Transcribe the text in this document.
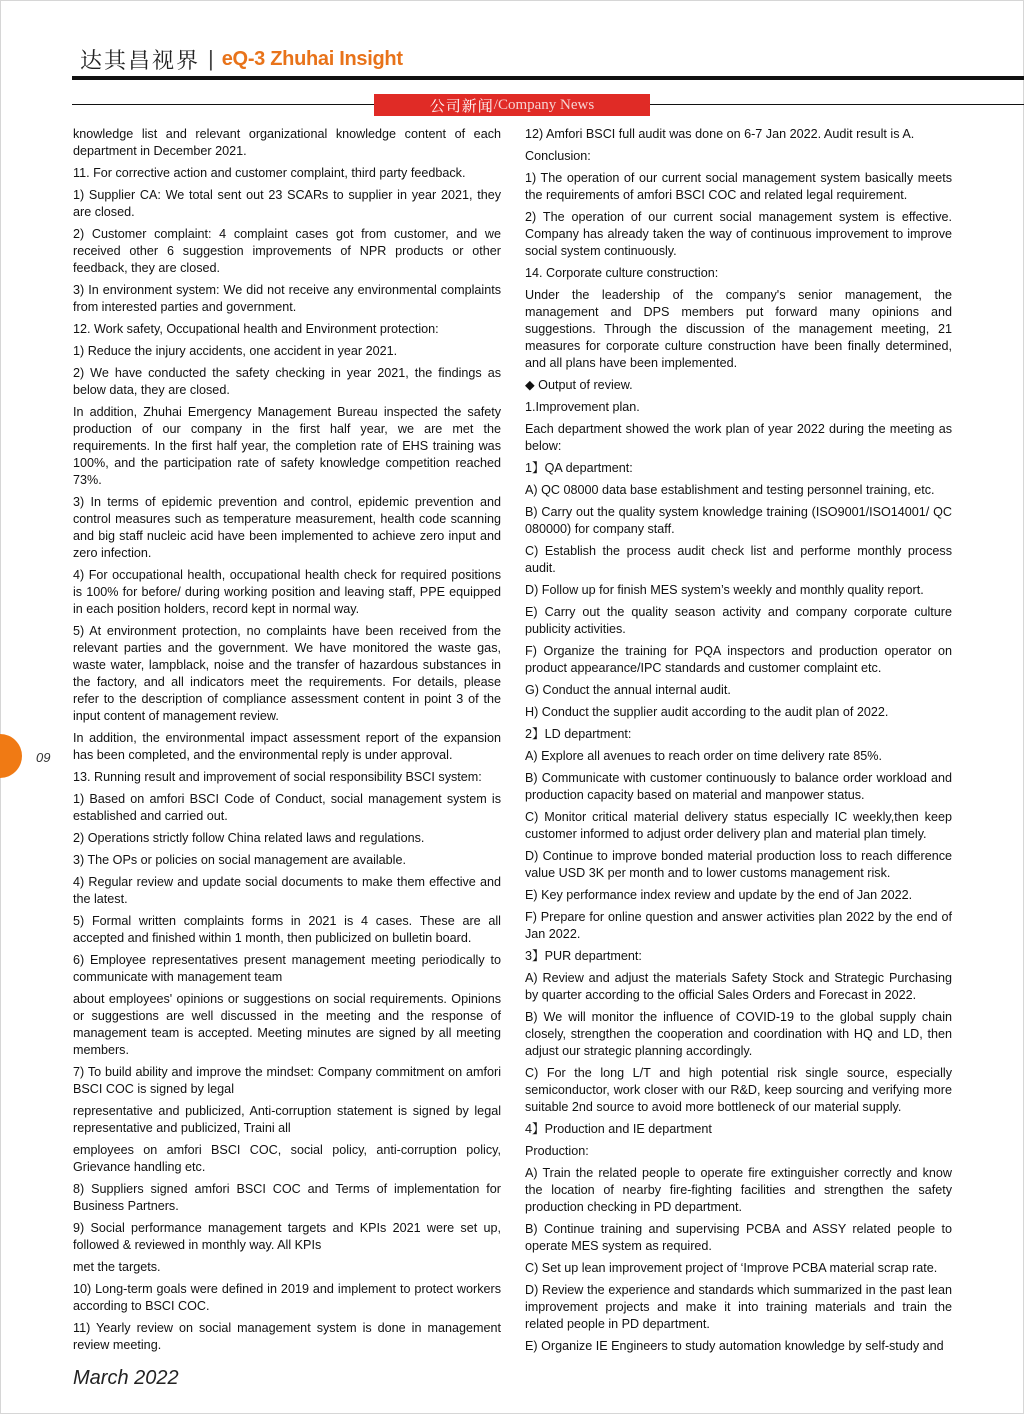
达其昌视界 | eQ-3 Zhuhai Insight
公司新闻 /Company News

knowledge list and relevant organizational knowledge content of each department in December 2021.

11. For corrective action and customer complaint, third party feedback.

1) Supplier CA: We total sent out 23 SCARs to supplier in year 2021, they are closed.

2) Customer complaint: 4 complaint cases got from customer, and we received other 6 suggestion improvements of NPR products or other feedback, they are closed.

3) In environment system: We did not receive any environmental complaints from interested parties and government.

12. Work safety, Occupational health and Environment protection:

1) Reduce the injury accidents, one accident in year 2021.

2) We have conducted the safety checking in year 2021, the findings as below data, they are closed.

In addition, Zhuhai Emergency Management Bureau inspected the safety production of our company in the first half year, we are met the requirements. In the first half year, the completion rate of EHS training was 100%, and the participation rate of safety knowledge competition reached 73%.

3) In terms of epidemic prevention and control, epidemic prevention and control measures such as temperature measurement, health code scanning and big staff nucleic acid have been implemented to achieve zero input and zero infection.

4) For occupational health, occupational health check for required positions is 100% for before/ during working position and leaving staff, PPE equipped in each position holders, record kept in normal way.

5) At environment protection, no complaints have been received from the relevant parties and the government. We have monitored the waste gas, waste water, lampblack, noise and the transfer of hazardous substances in the factory, and all indicators meet the requirements. For details, please refer to the description of compliance assessment content in point 3 of the input content of management review.

In addition, the environmental impact assessment report of the expansion has been completed, and the environmental reply is under approval.

13. Running result and improvement of social responsibility BSCI system:

1) Based on amfori BSCI Code of Conduct, social management system is established and carried out.

2) Operations strictly follow China related laws and regulations.

3) The OPs or policies on social management are available.

4) Regular review and update social documents to make them effective and the latest.

5) Formal written complaints forms in 2021 is 4 cases. These are all accepted and finished within 1 month, then publicized on bulletin board.

6) Employee representatives present management meeting periodically to communicate with management team

about employees' opinions or suggestions on social requirements. Opinions or suggestions are well discussed in the meeting and the response of management team is accepted. Meeting minutes are signed by all meeting members.

7) To build ability and improve the mindset: Company commitment on amfori BSCI COC is signed by legal

representative and publicized, Anti-corruption statement is signed by legal representative and publicized, Traini all

employees on amfori BSCI COC, social policy, anti-corruption policy, Grievance handling etc.

8) Suppliers signed amfori BSCI COC and Terms of implementation for Business Partners.

9) Social performance management targets and KPIs 2021 were set up, followed & reviewed in monthly way. All KPIs

met the targets.

10) Long-term goals were defined in 2019 and implement to protect workers according to BSCI COC.

11) Yearly review on social management system is done in management review meeting.

12) Amfori BSCI full audit was done on 6-7 Jan 2022. Audit result is A.

Conclusion:

1) The operation of our current social management system basically meets the requirements of amfori BSCI COC and related legal requirement.

2) The operation of our current social management system is effective. Company has already taken the way of continuous improvement to improve social system continuously.

14. Corporate culture construction:

Under the leadership of the company's senior management, the management and DPS members put forward many opinions and suggestions. Through the discussion of the management meeting, 21 measures for corporate culture construction have been finally determined, and all plans have been implemented.

◆ Output of review.

1.Improvement plan.

Each department showed the work plan of year 2022 during the meeting as below:

1】QA department:

A) QC 08000 data base establishment and testing personnel training, etc.

B) Carry out the quality system knowledge training (ISO9001/ISO14001/ QC 080000) for company staff.

C) Establish the process audit check list and performe monthly process audit.

D) Follow up for finish MES system’s weekly and monthly quality report.

E) Carry out the quality season activity and company corporate culture publicity activities.

F) Organize the training for PQA inspectors and production operator on product appearance/IPC standards and customer complaint etc.

G) Conduct the annual internal audit.

H) Conduct the supplier audit according to the audit plan of 2022.

2】LD department:

A) Explore all avenues to reach order on time delivery rate 85%.

B) Communicate with customer continuously to balance order workload and production capacity based on material and manpower status.

C) Monitor critical material delivery status especially IC weekly,then keep customer informed to adjust order delivery plan and material plan timely.

D) Continue to improve bonded material production loss to reach difference value USD 3K per month and to lower customs management risk.

E) Key performance index review and update by the end of Jan 2022.

F) Prepare for online question and answer activities plan 2022 by the end of Jan 2022.

3】PUR department:

A) Review and adjust the materials Safety Stock and Strategic Purchasing by quarter according to the official Sales Orders and Forecast in 2022.

B) We will monitor the influence of COVID-19 to the global supply chain closely, strengthen the cooperation and coordination with HQ and LD, then adjust our strategic planning accordingly.

C) For the long L/T and high potential risk single source, especially semiconductor, work closer with our R&D, keep sourcing and verifying more suitable 2nd source to avoid more bottleneck of our material supply.

4】Production and IE department

Production:

A) Train the related people to operate fire extinguisher correctly and know the location of nearby fire-fighting facilities and strengthen the safety production checking in PD department.

B) Continue training and supervising PCBA and ASSY related people to operate MES system as required.

C) Set up lean improvement project of ‘Improve PCBA material scrap rate.

D) Review the experience and standards which summarized in the past lean improvement projects and make it into training materials and train the related people in PD department.

E) Organize IE Engineers to study automation knowledge by self-study and

09
March 2022
